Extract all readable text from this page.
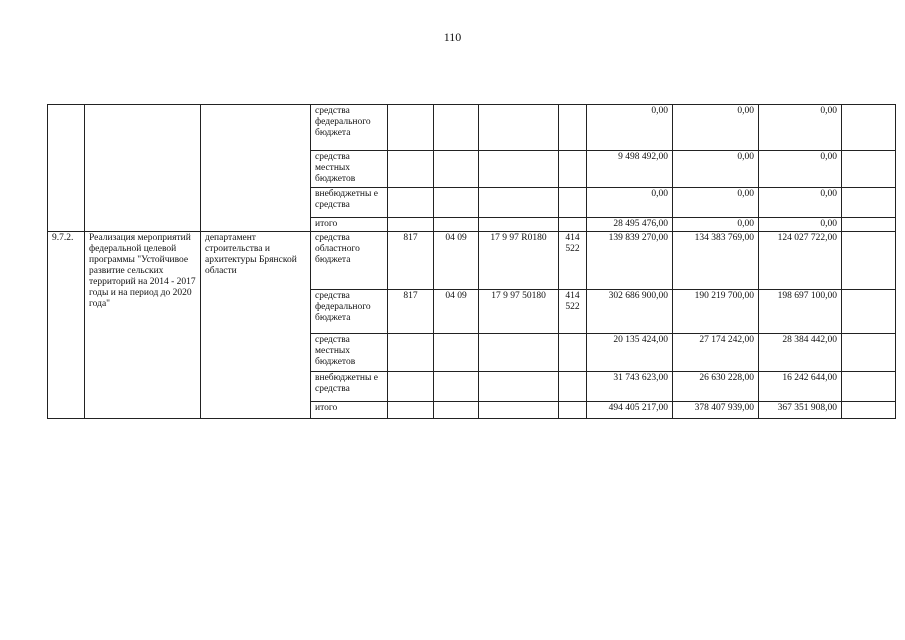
110
			средства федерального бюджета					0,00	0,00	0,00	
			средства местных бюджетов					9 498 492,00	0,00	0,00	
			внебюджетны е средства					0,00	0,00	0,00	
			итого					28 495 476,00	0,00	0,00	
9.7.2.	Реализация мероприятий федеральной целевой программы "Устойчивое развитие сельских территорий на 2014 - 2017 годы и на период до 2020 года"	департамент строительства и архитектуры Брянской области	средства областного бюджета	817	04 09	17 9 97 R0180	414 522	139 839 270,00	134 383 769,00	124 027 722,00	
			средства федерального бюджета	817	04 09	17 9 97 50180	414 522	302 686 900,00	190 219 700,00	198 697 100,00	
			средства местных бюджетов					20 135 424,00	27 174 242,00	28 384 442,00	
			внебюджетны е средства					31 743 623,00	26 630 228,00	16 242 644,00	
			итого					494 405 217,00	378 407 939,00	367 351 908,00	
